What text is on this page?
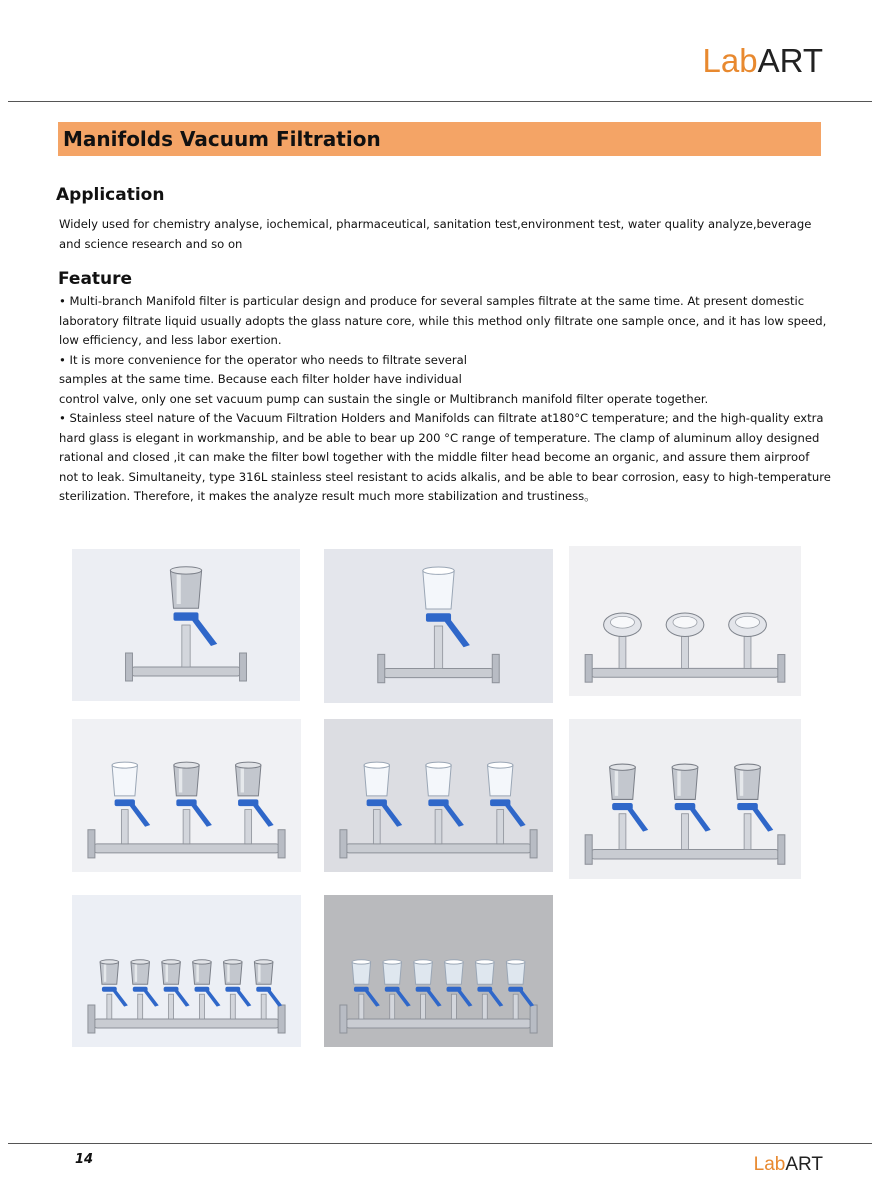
LabART
Manifolds Vacuum Filtration
Application

Widely used for chemistry analyse, iochemical, pharmaceutical, sanitation test,environment test, water quality analyze,beverage
and science research and so on

Feature

• Multi-branch Manifold filter is particular design and produce for several samples filtrate at the same time. At present domestic
laboratory filtrate liquid usually adopts the glass nature core, while this method only filtrate one sample once, and it has low speed,
low efficiency, and less labor exertion.
• It is more convenience for the operator who needs to filtrate several
samples at the same time. Because each filter holder have individual
control valve, only one set vacuum pump can sustain the single or Multibranch manifold filter operate together.
• Stainless steel nature of the Vacuum Filtration Holders and Manifolds can filtrate at180°C temperature; and the high-quality extra
hard glass is elegant in workmanship, and be able to bear up 200 °C range of temperature. The clamp of aluminum alloy designed
rational and closed ,it can make the filter bowl together with the middle filter head become an organic, and assure them airproof
not to leak. Simultaneity, type 316L stainless steel resistant to acids alkalis, and be able to bear corrosion, easy to high-temperature
sterilization. Therefore, it makes the analyze result much more stabilization and trustiness。

14	LabART
